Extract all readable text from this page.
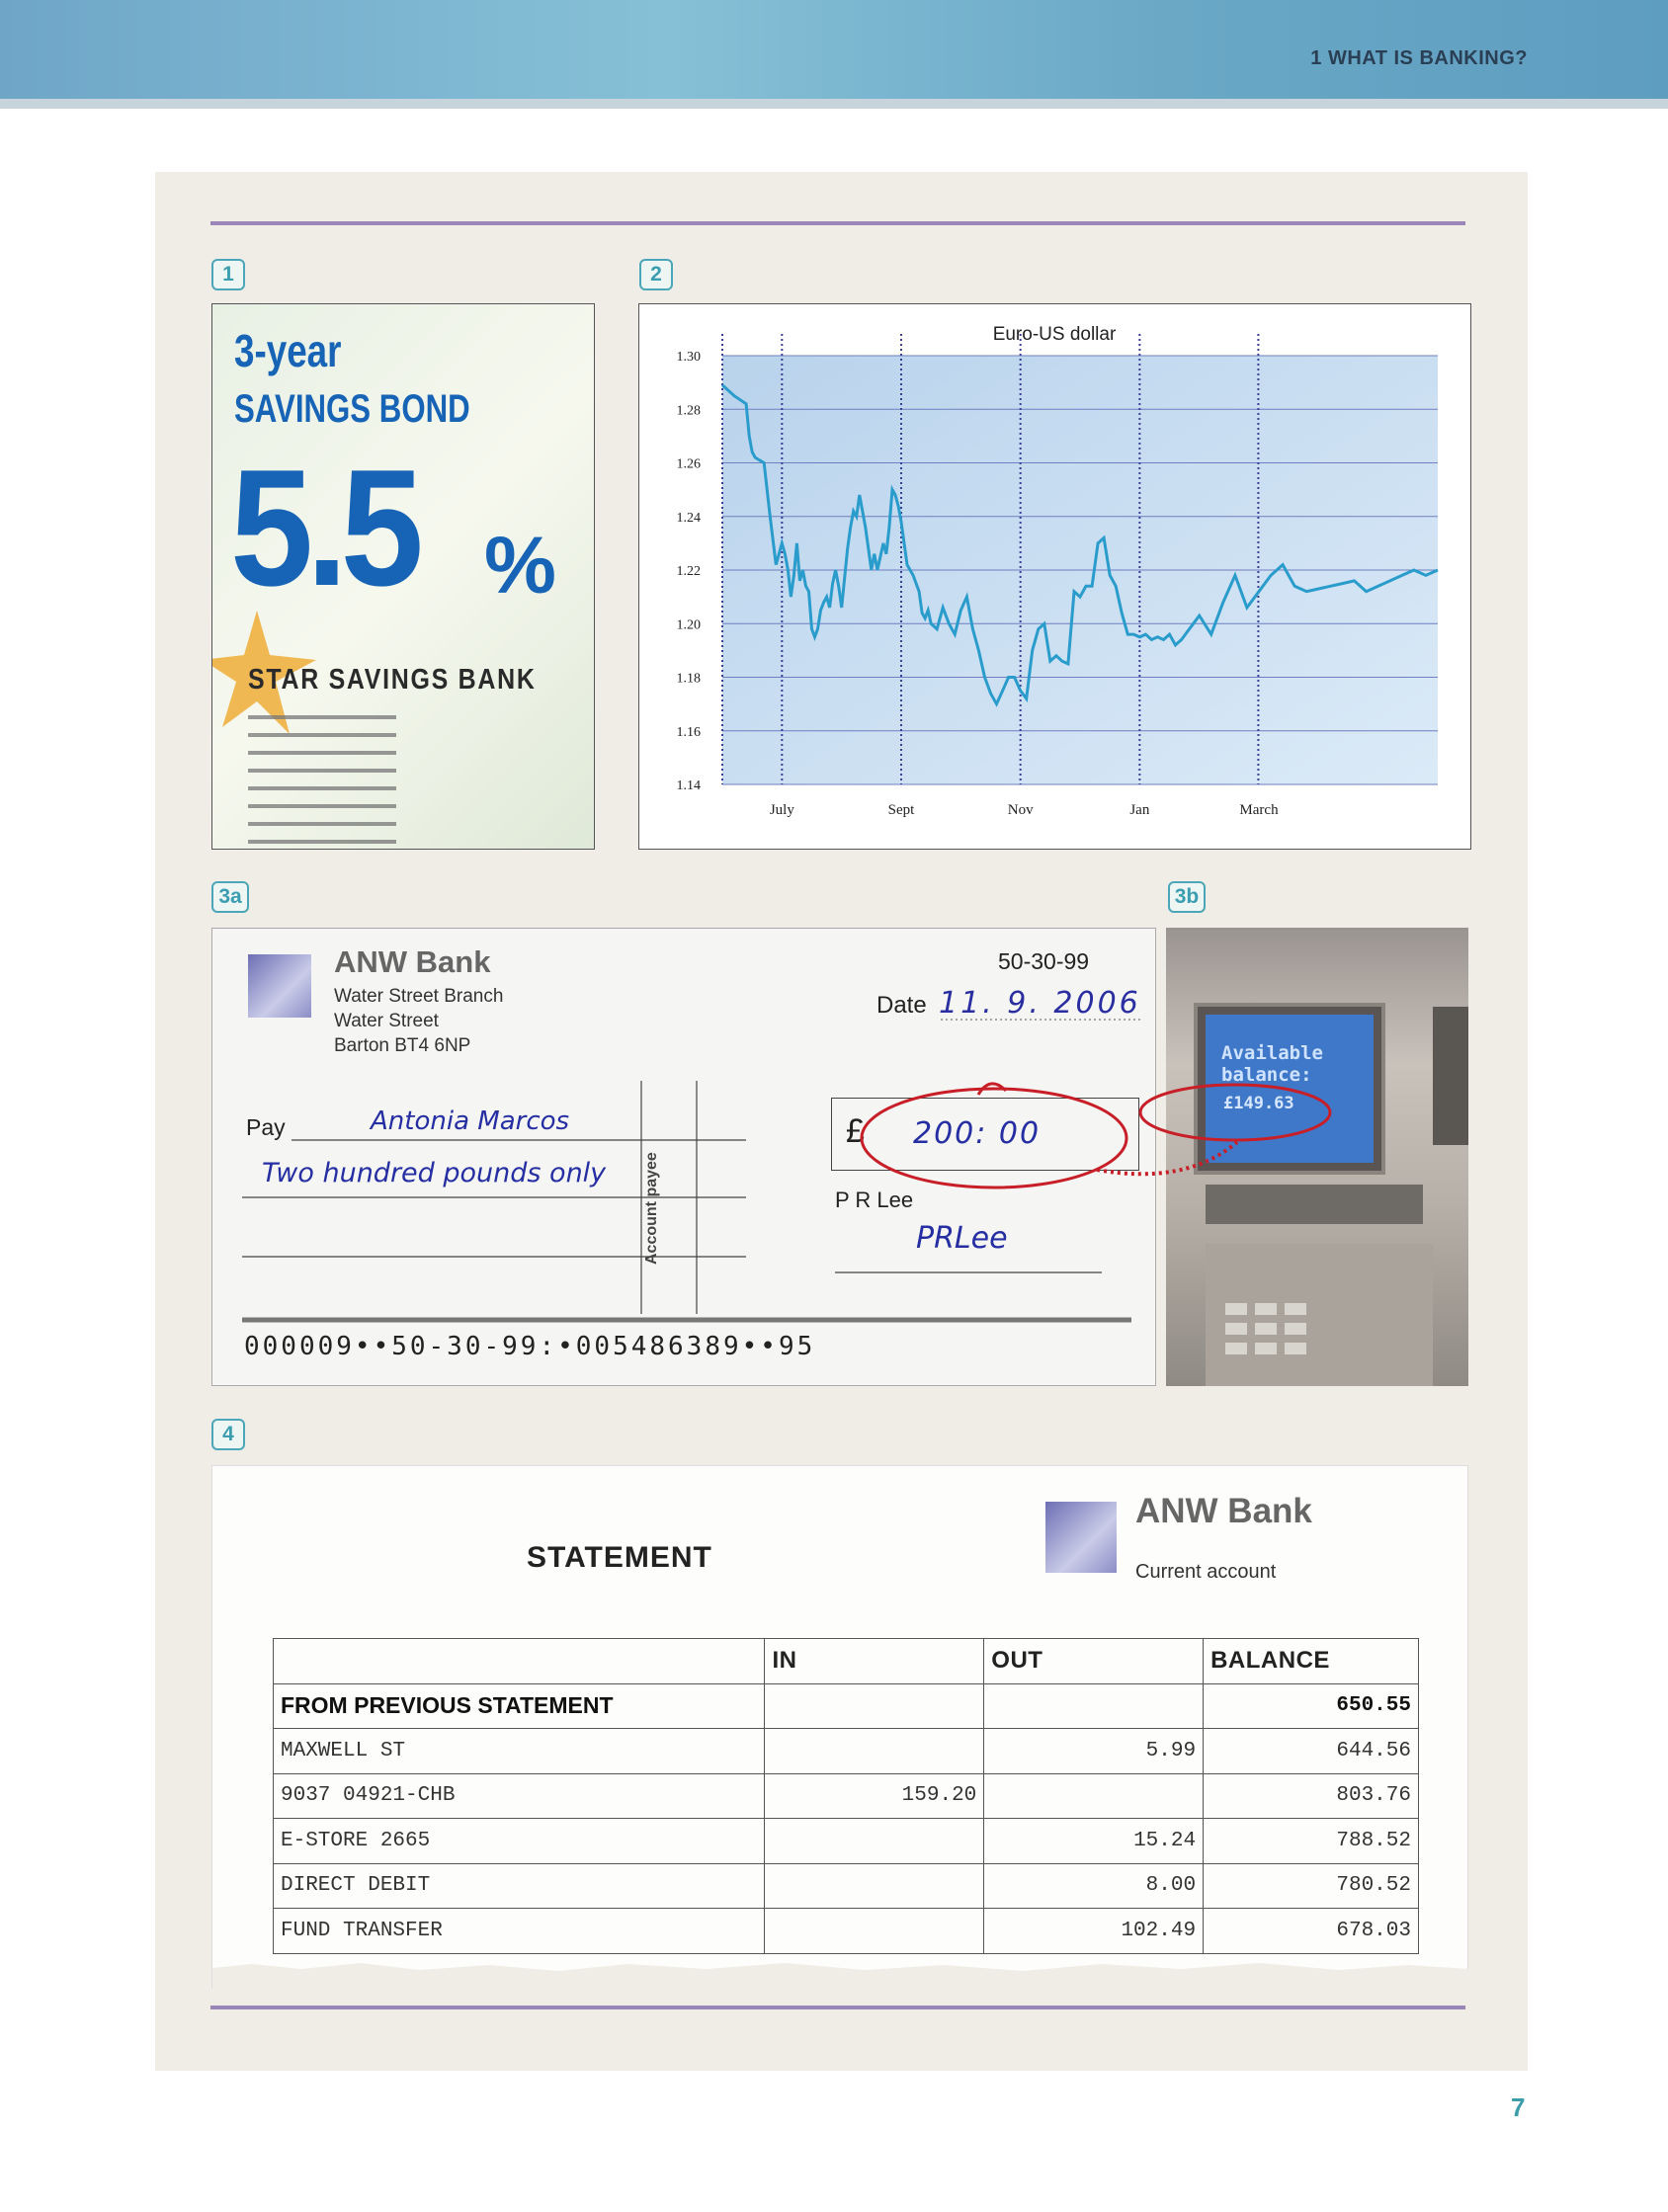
1 WHAT IS BANKING?
1	2
3a	3b
4
3-year
SAVINGS BOND
5.5 %
STAR SAVINGS BANK

1.30
1.28
1.26
1.24
1.22
1.20
1.18
1.16
1.14
July	Sept	Nov	Jan	March
Euro-US dollar
ANW Bank
Water Street Branch
Water Street
Barton BT4 6NP
50-30-99
Date 11. 9. 2006
Pay	Antonia Marcos
Two hundred pounds only Account payee
£ 200: 00
P R Lee
PRLee
000009••50-30-99:•005486389••95
Available
balance:
£149.63
STATEMENT
ANW Bank
Current account
	IN	OUT	BALANCE
FROM PREVIOUS STATEMENT			650.55
MAXWELL ST		5.99	644.56
9037 04921-CHB	159.20		803.76
E-STORE 2665		15.24	788.52
DIRECT DEBIT		8.00	780.52
FUND TRANSFER		102.49	678.03
7
